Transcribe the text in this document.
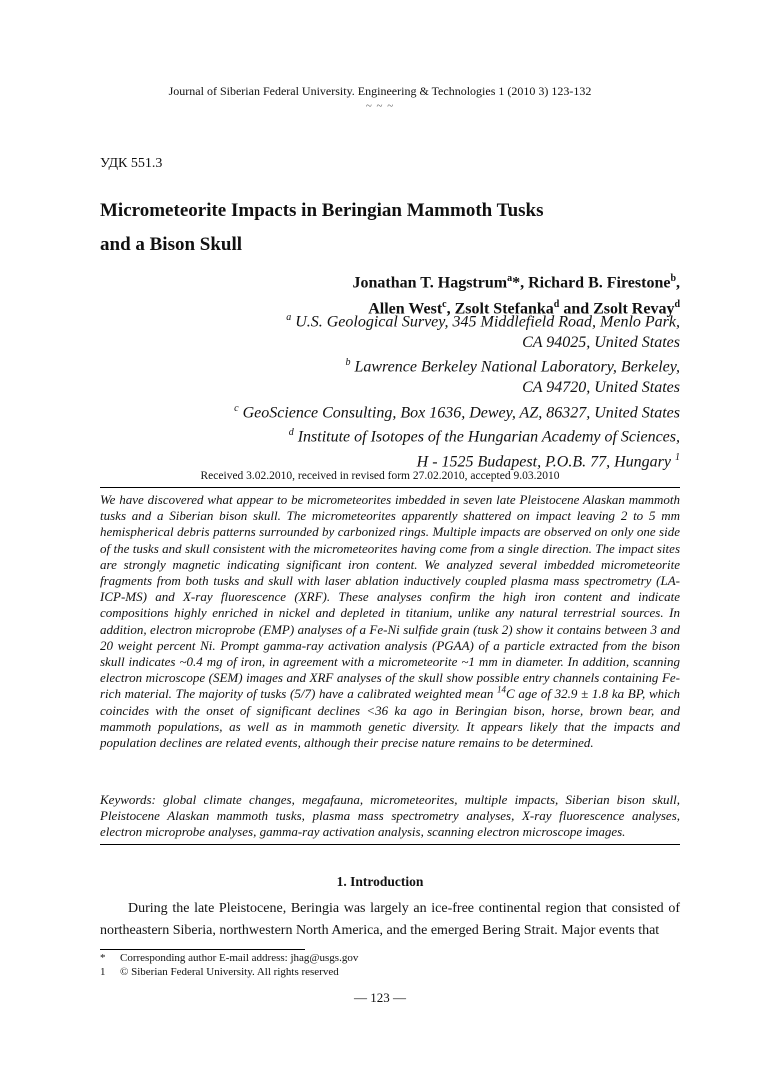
Journal of Siberian Federal University. Engineering & Technologies 1 (2010 3) 123-132
~ ~ ~
УДК 551.3
Micrometeorite Impacts in Beringian Mammoth Tusks
and a Bison Skull
Jonathan T. Hagstrum$^a$*, Richard B. Firestone$^b$,
Allen West$^c$, Zsolt Stefanka$^d$ and Zsolt Revay$^d$
$^a$ U.S. Geological Survey, 345 Middlefield Road, Menlo Park,
CA 94025, United States
$^b$ Lawrence Berkeley National Laboratory, Berkeley,
CA 94720, United States
$^c$ GeoScience Consulting, Box 1636, Dewey, AZ, 86327, United States
$^d$ Institute of Isotopes of the Hungarian Academy of Sciences,
H - 1525 Budapest, P.O.B. 77, Hungary $^1$
Received 3.02.2010, received in revised form 27.02.2010, accepted 9.03.2010
We have discovered what appear to be micrometeorites imbedded in seven late Pleistocene Alaskan mammoth tusks and a Siberian bison skull. The micrometeorites apparently shattered on impact leaving 2 to 5 mm hemispherical debris patterns surrounded by carbonized rings. Multiple impacts are observed on only one side of the tusks and skull consistent with the micrometeorites having come from a single direction. The impact sites are strongly magnetic indicating significant iron content. We analyzed several imbedded micrometeorite fragments from both tusks and skull with laser ablation inductively coupled plasma mass spectrometry (LA-ICP-MS) and X-ray fluorescence (XRF). These analyses confirm the high iron content and indicate compositions highly enriched in nickel and depleted in titanium, unlike any natural terrestrial sources. In addition, electron microprobe (EMP) analyses of a Fe-Ni sulfide grain (tusk 2) show it contains between 3 and 20 weight percent Ni. Prompt gamma-ray activation analysis (PGAA) of a particle extracted from the bison skull indicates ~0.4 mg of iron, in agreement with a micrometeorite ~1 mm in diameter. In addition, scanning electron microscope (SEM) images and XRF analyses of the skull show possible entry channels containing Fe-rich material. The majority of tusks (5/7) have a calibrated weighted mean $^{14}$C age of 32.9 ± 1.8 ka BP, which coincides with the onset of significant declines <36 ka ago in Beringian bison, horse, brown bear, and mammoth populations, as well as in mammoth genetic diversity. It appears likely that the impacts and population declines are related events, although their precise nature remains to be determined.
Keywords: global climate changes, megafauna, micrometeorites, multiple impacts, Siberian bison skull, Pleistocene Alaskan mammoth tusks, plasma mass spectrometry analyses, X-ray fluorescence analyses, electron microprobe analyses, gamma-ray activation analysis, scanning electron microscope images.
1. Introduction
During the late Pleistocene, Beringia was largely an ice-free continental region that consisted of northeastern Siberia, northwestern North America, and the emerged Bering Strait. Major events that
* Corresponding author E-mail address: jhag@usgs.gov
1 © Siberian Federal University. All rights reserved
— 123 —
